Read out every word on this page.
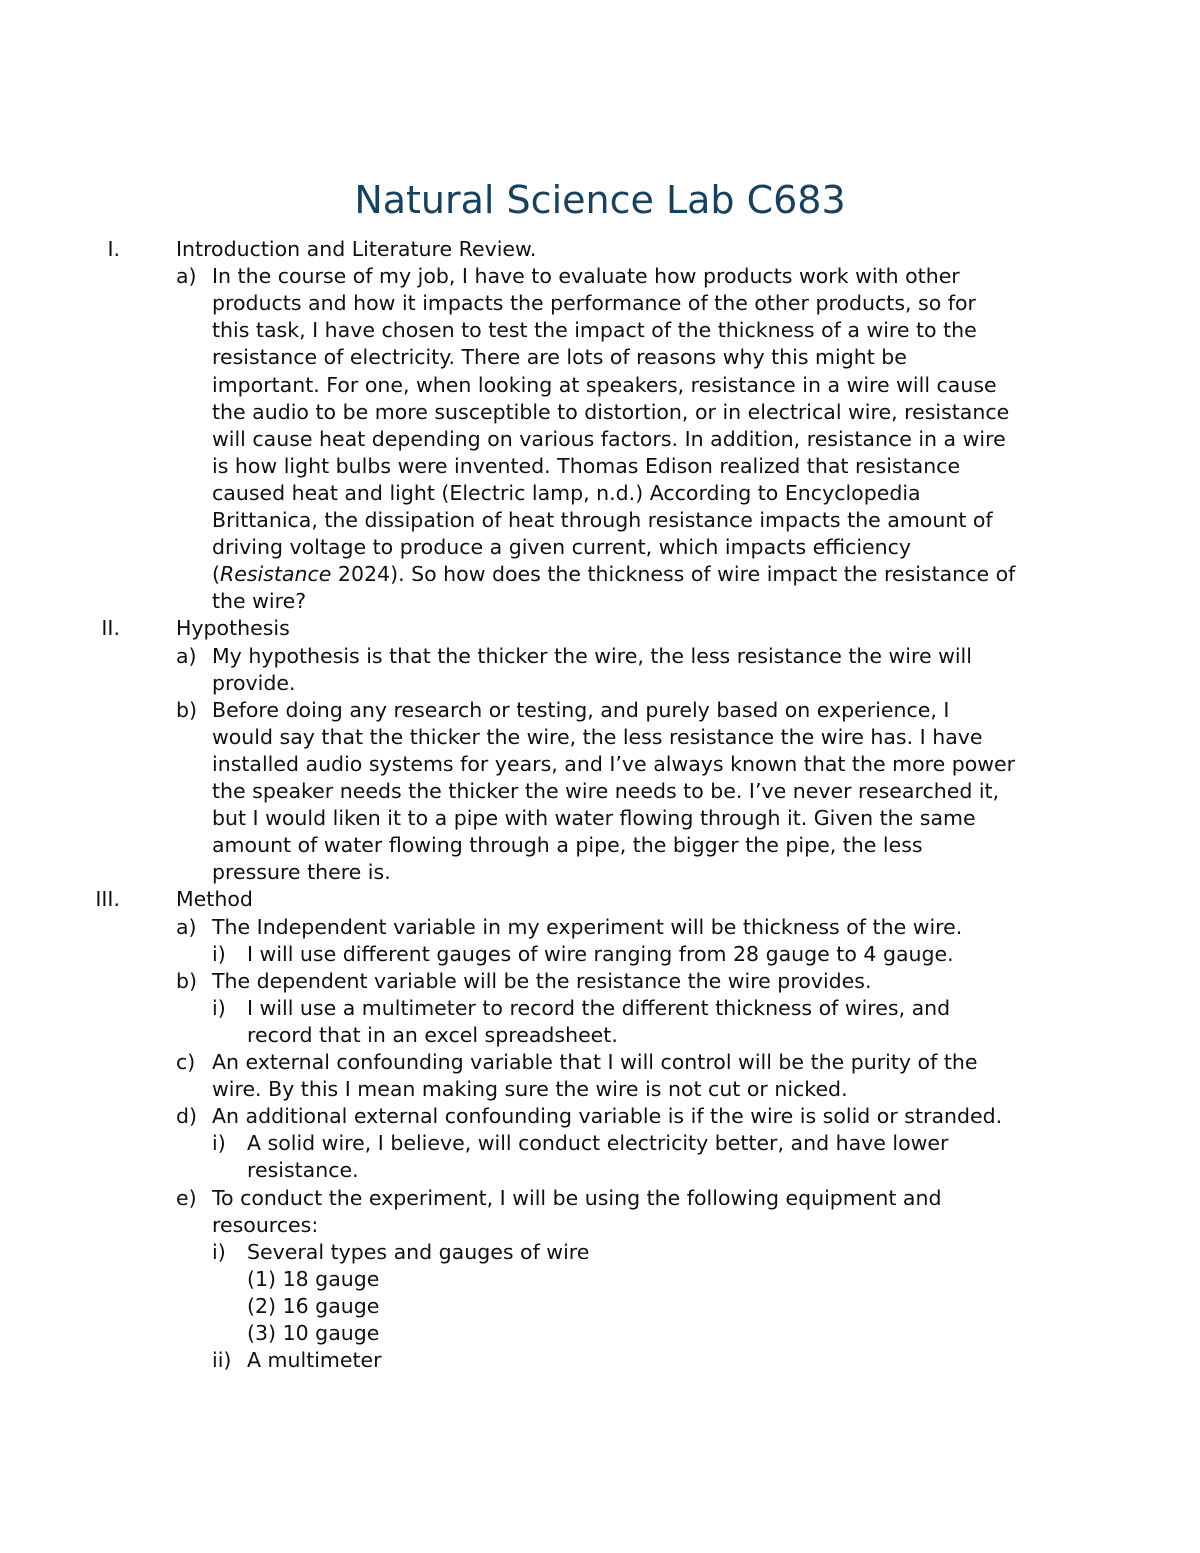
Natural Science Lab C683
I.	Introduction and Literature Review.
a) In the course of my job, I have to evaluate how products work with other
products and how it impacts the performance of the other products, so for
this task, I have chosen to test the impact of the thickness of a wire to the
resistance of electricity. There are lots of reasons why this might be
important. For one, when looking at speakers, resistance in a wire will cause
the audio to be more susceptible to distortion, or in electrical wire, resistance
will cause heat depending on various factors. In addition, resistance in a wire
is how light bulbs were invented. Thomas Edison realized that resistance
caused heat and light (Electric lamp, n.d.) According to Encyclopedia
Brittanica, the dissipation of heat through resistance impacts the amount of
driving voltage to produce a given current, which impacts efficiency
(Resistance 2024). So how does the thickness of wire impact the resistance of
the wire?
II.	Hypothesis
a) My hypothesis is that the thicker the wire, the less resistance the wire will
provide.
b) Before doing any research or testing, and purely based on experience, I
would say that the thicker the wire, the less resistance the wire has. I have
installed audio systems for years, and I’ve always known that the more power
the speaker needs the thicker the wire needs to be. I’ve never researched it,
but I would liken it to a pipe with water flowing through it. Given the same
amount of water flowing through a pipe, the bigger the pipe, the less
pressure there is.
III.	Method
a) The Independent variable in my experiment will be thickness of the wire.
i) I will use different gauges of wire ranging from 28 gauge to 4 gauge.
b) The dependent variable will be the resistance the wire provides.
i) I will use a multimeter to record the different thickness of wires, and
record that in an excel spreadsheet.
c) An external confounding variable that I will control will be the purity of the
wire. By this I mean making sure the wire is not cut or nicked.
d) An additional external confounding variable is if the wire is solid or stranded.
i) A solid wire, I believe, will conduct electricity better, and have lower
resistance.
e) To conduct the experiment, I will be using the following equipment and
resources:
i) Several types and gauges of wire
(1) 18 gauge
(2) 16 gauge
(3) 10 gauge
ii) A multimeter
